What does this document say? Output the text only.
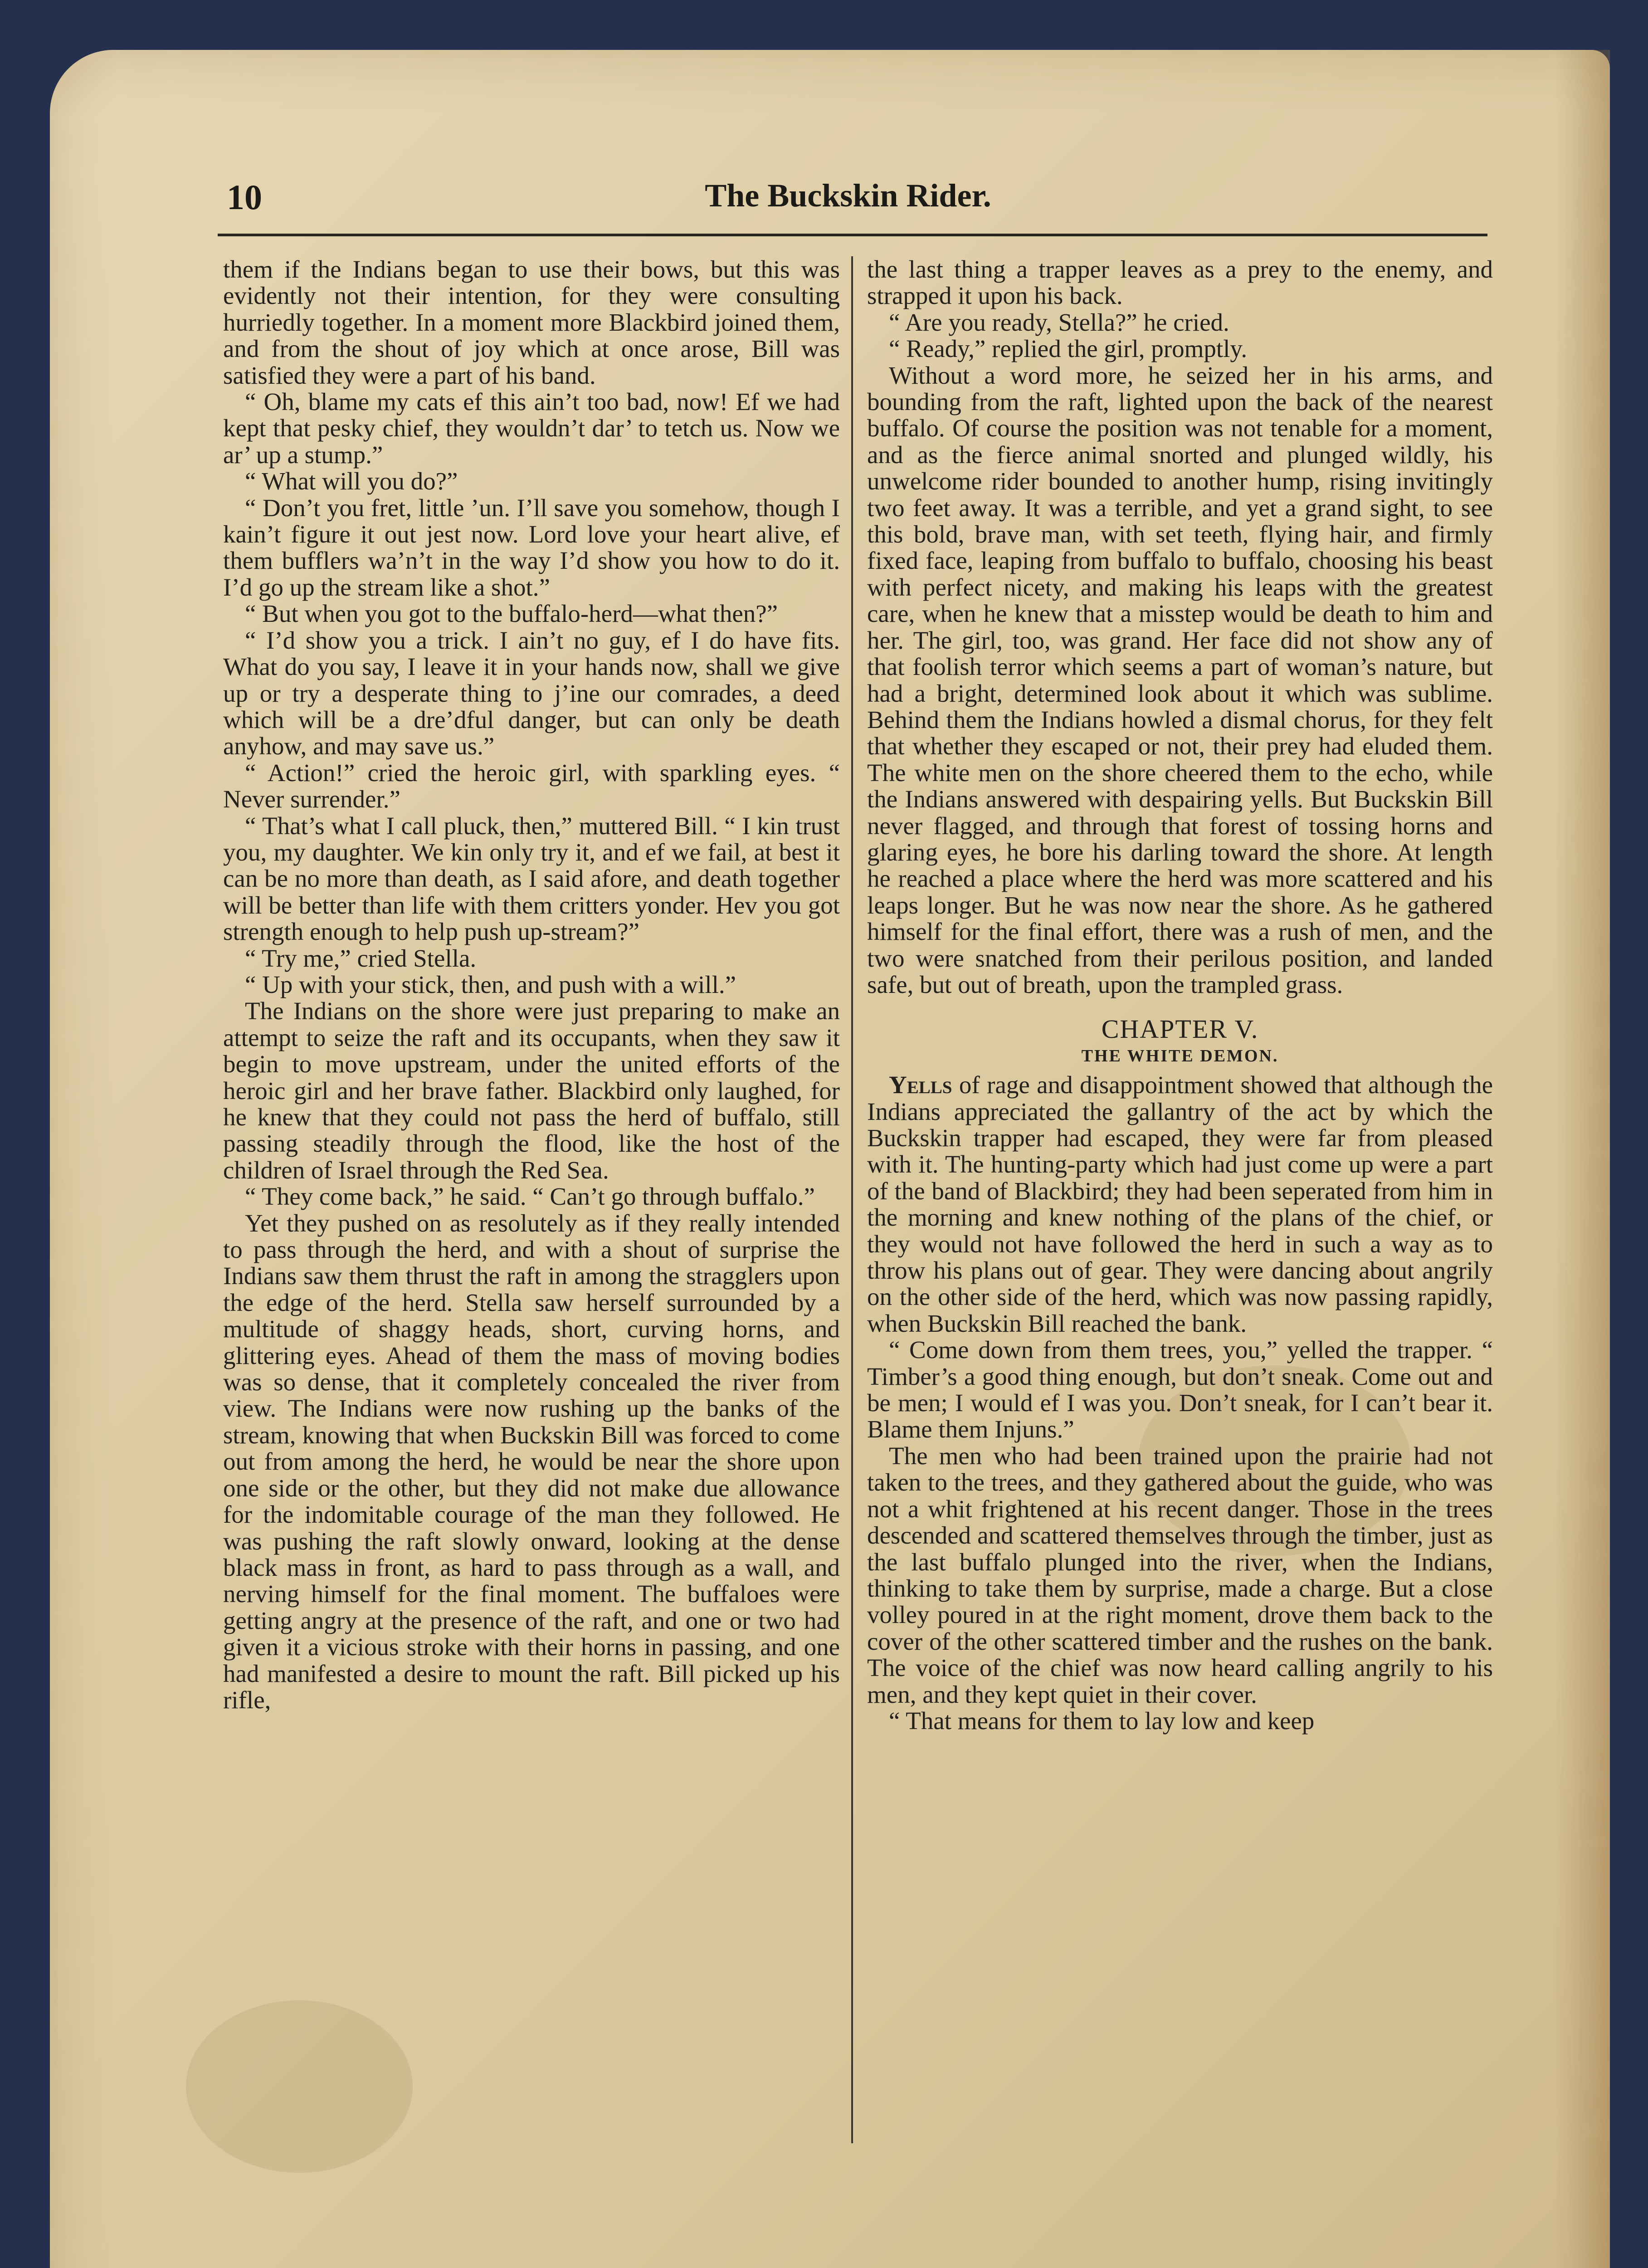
10	The Buckskin Rider.

them if the Indians began to use their bows, but this was evidently not their intention, for they were consulting hurriedly together. In a moment more Blackbird joined them, and from the shout of joy which at once arose, Bill was satisfied they were a part of his band.

“ Oh, blame my cats ef this ain’t too bad, now! Ef we had kept that pesky chief, they wouldn’t dar’ to tetch us. Now we ar’ up a stump.”

“ What will you do?”

“ Don’t you fret, little ’un. I’ll save you somehow, though I kain’t figure it out jest now. Lord love your heart alive, ef them bufflers wa’n’t in the way I’d show you how to do it. I’d go up the stream like a shot.”

“ But when you got to the buffalo-herd—what then?”

“ I’d show you a trick. I ain’t no guy, ef I do have fits. What do you say, I leave it in your hands now, shall we give up or try a desperate thing to j’ine our comrades, a deed which will be a dre’dful danger, but can only be death anyhow, and may save us.”

“ Action!” cried the heroic girl, with sparkling eyes. “ Never surrender.”

“ That’s what I call pluck, then,” muttered Bill. “ I kin trust you, my daughter. We kin only try it, and ef we fail, at best it can be no more than death, as I said afore, and death together will be better than life with them critters yonder. Hev you got strength enough to help push up-stream?”

“ Try me,” cried Stella.

“ Up with your stick, then, and push with a will.”

The Indians on the shore were just preparing to make an attempt to seize the raft and its occupants, when they saw it begin to move upstream, under the united efforts of the heroic girl and her brave father. Blackbird only laughed, for he knew that they could not pass the herd of buffalo, still passing steadily through the flood, like the host of the children of Israel through the Red Sea.

“ They come back,” he said. “ Can’t go through buffalo.”

Yet they pushed on as resolutely as if they really intended to pass through the herd, and with a shout of surprise the Indians saw them thrust the raft in among the stragglers upon the edge of the herd. Stella saw herself surrounded by a multitude of shaggy heads, short, curving horns, and glittering eyes. Ahead of them the mass of moving bodies was so dense, that it completely concealed the river from view. The Indians were now rushing up the banks of the stream, knowing that when Buckskin Bill was forced to come out from among the herd, he would be near the shore upon one side or the other, but they did not make due allowance for the indomitable courage of the man they followed. He was pushing the raft slowly onward, looking at the dense black mass in front, as hard to pass through as a wall, and nerving himself for the final moment. The buffaloes were getting angry at the presence of the raft, and one or two had given it a vicious stroke with their horns in passing, and one had manifested a desire to mount the raft. Bill picked up his rifle,

the last thing a trapper leaves as a prey to the enemy, and strapped it upon his back.

“ Are you ready, Stella?” he cried.

“ Ready,” replied the girl, promptly.

Without a word more, he seized her in his arms, and bounding from the raft, lighted upon the back of the nearest buffalo. Of course the position was not tenable for a moment, and as the fierce animal snorted and plunged wildly, his unwelcome rider bounded to another hump, rising invitingly two feet away. It was a terrible, and yet a grand sight, to see this bold, brave man, with set teeth, flying hair, and firmly fixed face, leaping from buffalo to buffalo, choosing his beast with perfect nicety, and making his leaps with the greatest care, when he knew that a misstep would be death to him and her. The girl, too, was grand. Her face did not show any of that foolish terror which seems a part of woman’s nature, but had a bright, determined look about it which was sublime. Behind them the Indians howled a dismal chorus, for they felt that whether they escaped or not, their prey had eluded them. The white men on the shore cheered them to the echo, while the Indians answered with despairing yells. But Buckskin Bill never flagged, and through that forest of tossing horns and glaring eyes, he bore his darling toward the shore. At length he reached a place where the herd was more scattered and his leaps longer. But he was now near the shore. As he gathered himself for the final effort, there was a rush of men, and the two were snatched from their perilous position, and landed safe, but out of breath, upon the trampled grass.

CHAPTER V.

THE WHITE DEMON.

Yells of rage and disappointment showed that although the Indians appreciated the gallantry of the act by which the Buckskin trapper had escaped, they were far from pleased with it. The hunting-party which had just come up were a part of the band of Blackbird; they had been seperated from him in the morning and knew nothing of the plans of the chief, or they would not have followed the herd in such a way as to throw his plans out of gear. They were dancing about angrily on the other side of the herd, which was now passing rapidly, when Buckskin Bill reached the bank.

“ Come down from them trees, you,” yelled the trapper. “ Timber’s a good thing enough, but don’t sneak. Come out and be men; I would ef I was you. Don’t sneak, for I can’t bear it. Blame them Injuns.”

The men who had been trained upon the prairie had not taken to the trees, and they gathered about the guide, who was not a whit frightened at his recent danger. Those in the trees descended and scattered themselves through the timber, just as the last buffalo plunged into the river, when the Indians, thinking to take them by surprise, made a charge. But a close volley poured in at the right moment, drove them back to the cover of the other scattered timber and the rushes on the bank. The voice of the chief was now heard calling angrily to his men, and they kept quiet in their cover.

“ That means for them to lay low and keep
